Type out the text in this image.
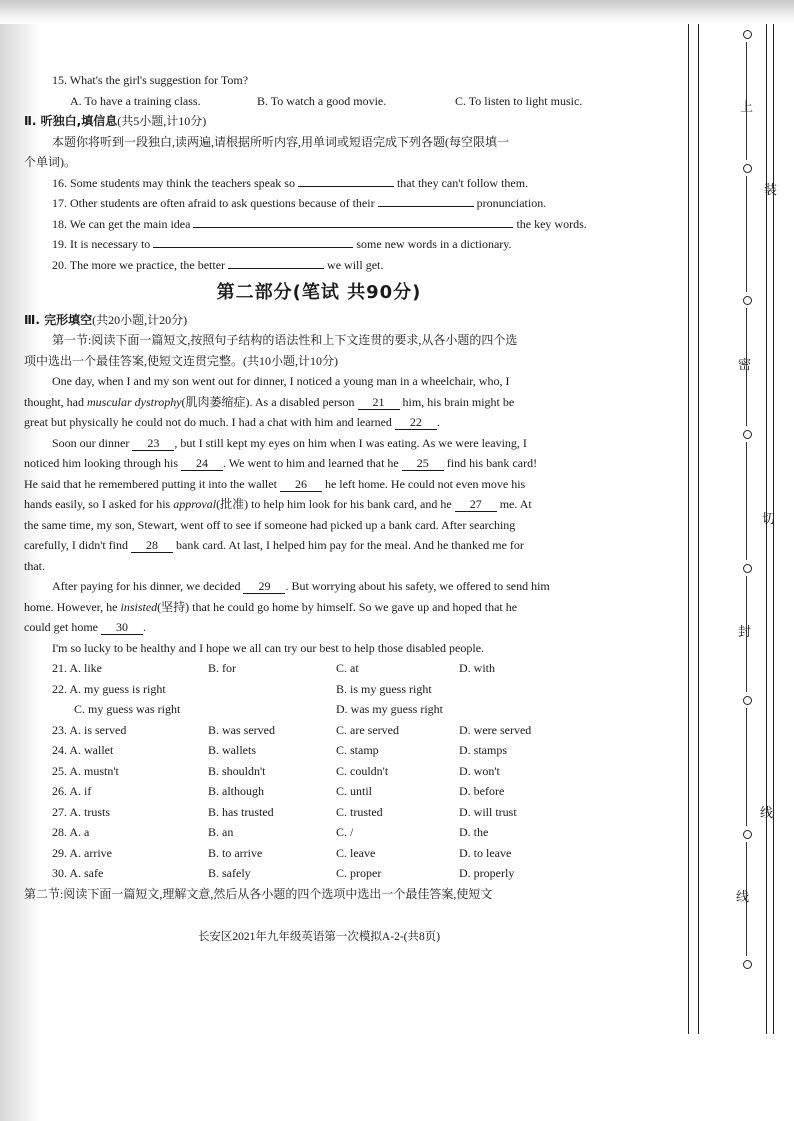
15. What's the girl's suggestion for Tom?
A. To have a training class.	B. To watch a good movie.	C. To listen to light music.
Ⅱ. 听独白,填信息(共5小题,计10分)
本题你将听到一段独白,读两遍,请根据所听内容,用单词或短语完成下列各题(每空限填一
个单词)。
16. Some students may think the teachers speak so	that they can't follow them.
17. Other students are often afraid to ask questions because of their	pronunciation.
18. We can get the main idea	the key words.
19. It is necessary to	some new words in a dictionary.
20. The more we practice, the better	we will get.
第二部分(笔试 共90分)
Ⅲ. 完形填空(共20小题,计20分)
第一节:阅读下面一篇短文,按照句子结构的语法性和上下文连贯的要求,从各小题的四个选
项中选出一个最佳答案,使短文连贯完整。(共10小题,计10分)
One day, when I and my son went out for dinner, I noticed a young man in a wheelchair, who, I
thought, had muscular dystrophy(肌肉萎缩症). As a disabled person 21 him, his brain might be
great but physically he could not do much. I had a chat with him and learned 22 .
Soon our dinner 23 , but I still kept my eyes on him when I was eating. As we were leaving, I
noticed him looking through his 24 . We went to him and learned that he 25 find his bank card!
He said that he remembered putting it into the wallet 26 he left home. He could not even move his
hands easily, so I asked for his approval(批准) to help him look for his bank card, and he 27 me. At
the same time, my son, Stewart, went off to see if someone had picked up a bank card. After searching
carefully, I didn't find 28 bank card. At last, I helped him pay for the meal. And he thanked me for
that.
After paying for his dinner, we decided 29 . But worrying about his safety, we offered to send him
home. However, he insisted(坚持) that he could go home by himself. So we gave up and hoped that he
could get home 30 .
I'm so lucky to be healthy and I hope we all can try our best to help those disabled people.
21. A. like	B. for	C. at	D. with
22. A. my guess is right	B. is my guess right
C. my guess was right	D. was my guess right
23. A. is served	B. was served	C. are served	D. were served
24. A. wallet	B. wallets	C. stamp	D. stamps
25. A. mustn't	B. shouldn't	C. couldn't	D. won't
26. A. if	B. although	C. until	D. before
27. A. trusts	B. has trusted	C. trusted	D. will trust
28. A. a	B. an	C. /	D. the
29. A. arrive	B. to arrive	C. leave	D. to leave
30. A. safe	B. safely	C. proper	D. properly
第二节:阅读下面一篇短文,理解文意,然后从各小题的四个选项中选出一个最佳答案,使短文
长安区2021年九年级英语第一次模拟A-2-(共8页)
上
装
密
切
封
线
线
